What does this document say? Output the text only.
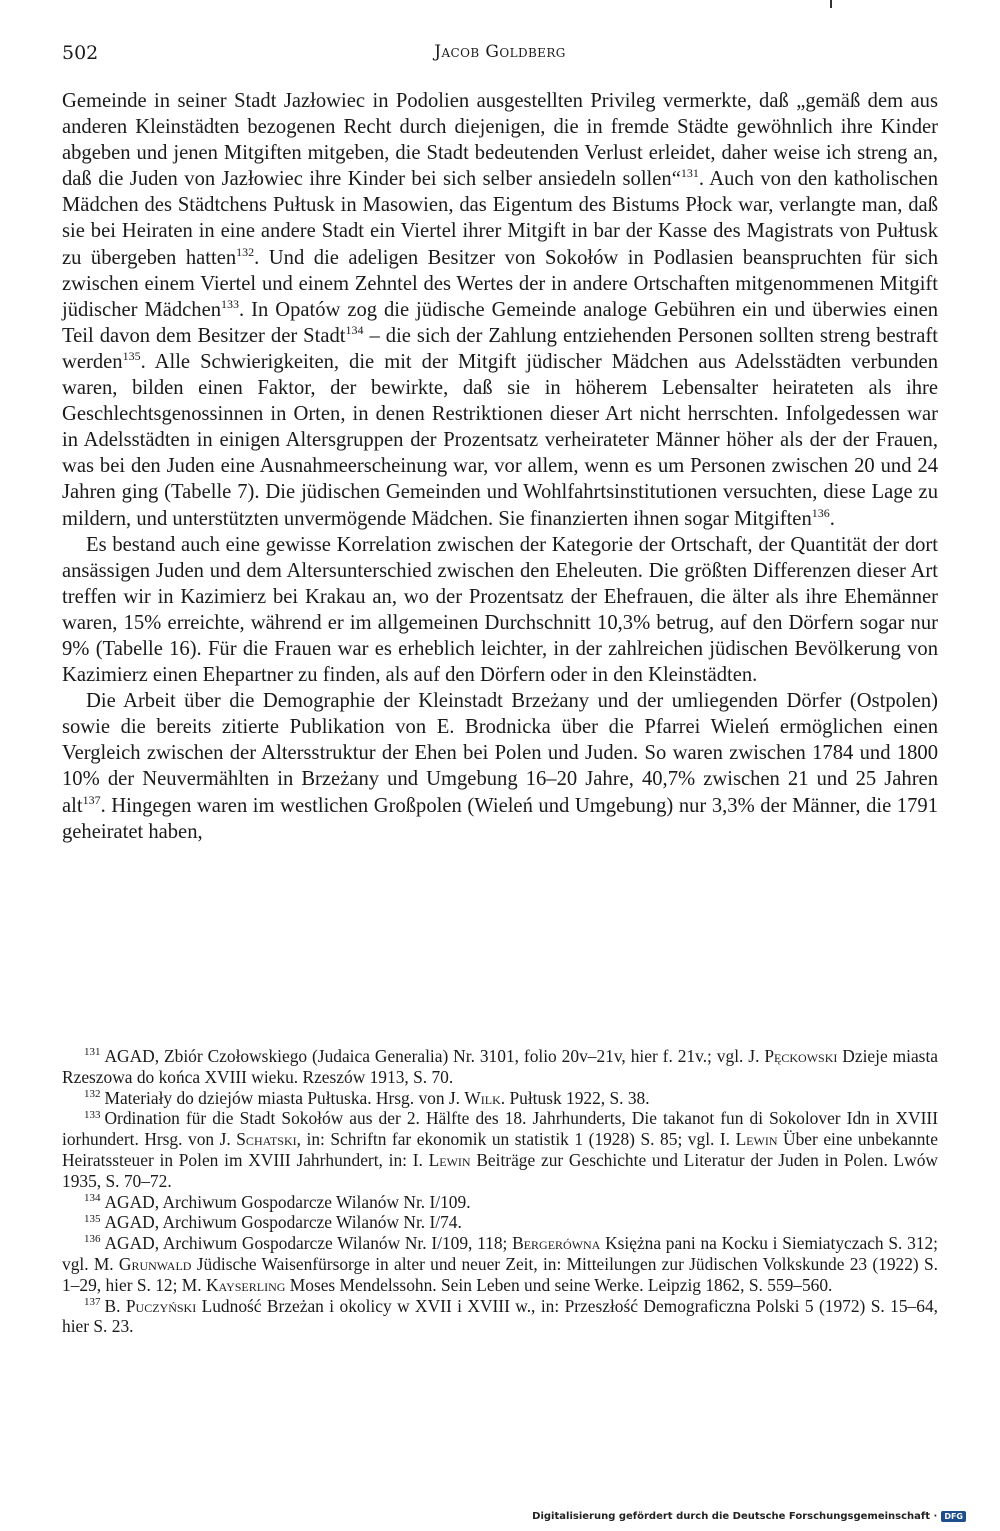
502	Jacob Goldberg

Gemeinde in seiner Stadt Jazłowiec in Podolien ausgestellten Privileg vermerkte, daß „gemäß dem aus anderen Kleinstädten bezogenen Recht durch diejenigen, die in fremde Städte gewöhnlich ihre Kinder abgeben und jenen Mitgiften mitgeben, die Stadt bedeutenden Verlust erleidet, daher weise ich streng an, daß die Juden von Jazłowiec ihre Kinder bei sich selber ansiedeln sollen“$^{131}$. Auch von den katholischen Mädchen des Städtchens Pułtusk in Masowien, das Eigentum des Bistums Płock war, verlangte man, daß sie bei Heiraten in eine andere Stadt ein Viertel ihrer Mitgift in bar der Kasse des Magistrats von Pułtusk zu übergeben hatten$^{132}$. Und die adeligen Besitzer von Sokołów in Podlasien beanspruchten für sich zwischen einem Viertel und einem Zehntel des Wertes der in andere Ortschaften mitgenommenen Mitgift jüdischer Mädchen$^{133}$. In Opatów zog die jüdische Gemeinde analoge Gebühren ein und überwies einen Teil davon dem Besitzer der Stadt$^{134}$ – die sich der Zahlung entziehenden Personen sollten streng bestraft werden$^{135}$. Alle Schwierigkeiten, die mit der Mitgift jüdischer Mädchen aus Adelsstädten verbunden waren, bilden einen Faktor, der bewirkte, daß sie in höherem Lebensalter heirateten als ihre Geschlechtsgenossinnen in Orten, in denen Restriktionen dieser Art nicht herrschten. Infolgedessen war in Adelsstädten in einigen Altersgruppen der Prozentsatz verheirateter Männer höher als der der Frauen, was bei den Juden eine Ausnahmeerscheinung war, vor allem, wenn es um Personen zwischen 20 und 24 Jahren ging (Tabelle 7). Die jüdischen Gemeinden und Wohlfahrtsinstitutionen versuchten, diese Lage zu mildern, und unterstützten unvermögende Mädchen. Sie finanzierten ihnen sogar Mitgiften$^{136}$.

Es bestand auch eine gewisse Korrelation zwischen der Kategorie der Ortschaft, der Quantität der dort ansässigen Juden und dem Altersunterschied zwischen den Eheleuten. Die größten Differenzen dieser Art treffen wir in Kazimierz bei Krakau an, wo der Prozentsatz der Ehefrauen, die älter als ihre Ehemänner waren, 15% erreichte, während er im allgemeinen Durchschnitt 10,3% betrug, auf den Dörfern sogar nur 9% (Tabelle 16). Für die Frauen war es erheblich leichter, in der zahlreichen jüdischen Bevölkerung von Kazimierz einen Ehepartner zu finden, als auf den Dörfern oder in den Kleinstädten.

Die Arbeit über die Demographie der Kleinstadt Brzeżany und der umliegenden Dörfer (Ostpolen) sowie die bereits zitierte Publikation von E. Brodnicka über die Pfarrei Wieleń ermöglichen einen Vergleich zwischen der Altersstruktur der Ehen bei Polen und Juden. So waren zwischen 1784 und 1800 10% der Neuvermählten in Brzeżany und Umgebung 16–20 Jahre, 40,7% zwischen 21 und 25 Jahren alt$^{137}$. Hingegen waren im westlichen Großpolen (Wieleń und Umgebung) nur 3,3% der Männer, die 1791 geheiratet haben,

$^{131}$ AGAD, Zbiór Czołowskiego (Judaica Generalia) Nr. 3101, folio 20v–21v, hier f. 21v.; vgl. J. Pęckowski Dzieje miasta Rzeszowa do końca XVIII wieku. Rzeszów 1913, S. 70.

$^{132}$ Materiały do dziejów miasta Pułtuska. Hrsg. von J. Wilk. Pułtusk 1922, S. 38.

$^{133}$ Ordination für die Stadt Sokołów aus der 2. Hälfte des 18. Jahrhunderts, Die takanot fun di Sokolover Idn in XVIII iorhundert. Hrsg. von J. Schatski, in: Schriftn far ekonomik un statistik 1 (1928) S. 85; vgl. I. Lewin Über eine unbekannte Heiratssteuer in Polen im XVIII Jahrhundert, in: I. Lewin Beiträge zur Geschichte und Literatur der Juden in Polen. Lwów 1935, S. 70–72.

$^{134}$ AGAD, Archiwum Gospodarcze Wilanów Nr. I/109.

$^{135}$ AGAD, Archiwum Gospodarcze Wilanów Nr. I/74.

$^{136}$ AGAD, Archiwum Gospodarcze Wilanów Nr. I/109, 118; Bergerówna Księżna pani na Kocku i Siemiatyczach S. 312; vgl. M. Grunwald Jüdische Waisenfürsorge in alter und neuer Zeit, in: Mitteilungen zur Jüdischen Volkskunde 23 (1922) S. 1–29, hier S. 12; M. Kayserling Moses Mendelssohn. Sein Leben und seine Werke. Leipzig 1862, S. 559–560.

$^{137}$ B. Puczyński Ludność Brzeżan i okolicy w XVII i XVIII w., in: Przeszłość Demograficzna Polski 5 (1972) S. 15–64, hier S. 23.

Digitalisierung gefördert durch die Deutsche Forschungsgemeinschaft · DFG
